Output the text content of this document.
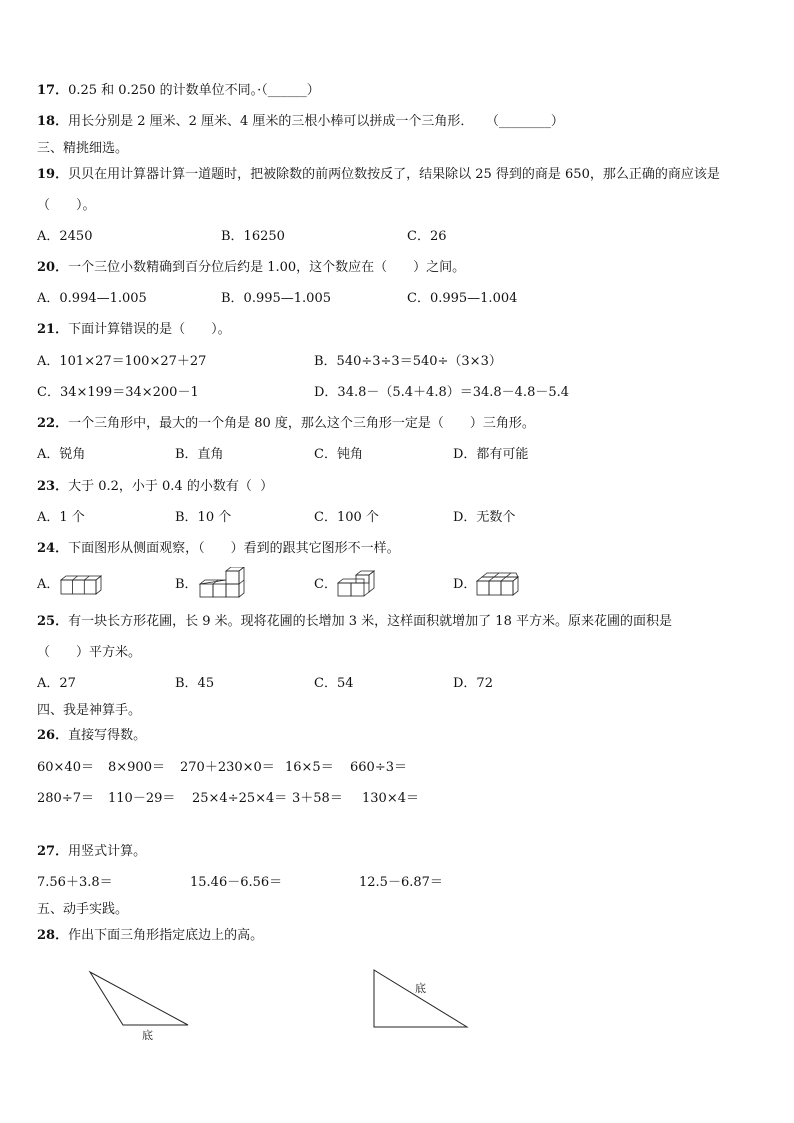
17．0.25 和 0.250 的计数单位不同。·（______）
18．用长分别是 2 厘米、2 厘米、4 厘米的三根小棒可以拼成一个三角形．   （________）
三、精挑细选。
19．贝贝在用计算器计算一道题时，把被除数的前两位数按反了，结果除以 25 得到的商是 650，那么正确的商应该是
（　　）。
A．2450	B．16250	C．26
20．一个三位小数精确到百分位后约是 1.00，这个数应在（　　）之间。
A．0.994—1.005	B．0.995—1.005	C．0.995—1.004
21．下面计算错误的是（　　）。
A．101×27＝100×27＋27	B．540÷3÷3＝540÷（3×3）
C．34×199＝34×200－1	D．34.8－（5.4＋4.8）＝34.8－4.8－5.4
22．一个三角形中，最大的一个角是 80 度，那么这个三角形一定是（　　）三角形。
A．锐角	B．直角	C．钝角	D．都有可能
23．大于 0.2，小于 0.4 的小数有（  ）
A．1 个	B．10 个	C．100 个	D．无数个
24．下面图形从侧面观察，（　　）看到的跟其它图形不一样。
A．	B．	C．	D．
25．有一块长方形花圃，长 9 米。现将花圃的长增加 3 米，这样面积就增加了 18 平方米。原来花圃的面积是
（　　）平方米。
A．27	B．45	C．54	D．72
四、我是神算手。
26．直接写得数。
60×40＝ 8×900＝ 270＋230×0＝ 16×5＝ 660÷3＝
280÷7＝ 110－29＝ 25×4÷25×4＝ 3＋58＝ 130×4＝
27．用竖式计算。
7.56＋3.8＝	15.46－6.56＝	12.5－6.87＝
五、动手实践。
28．作出下面三角形指定底边上的高。
底
底
